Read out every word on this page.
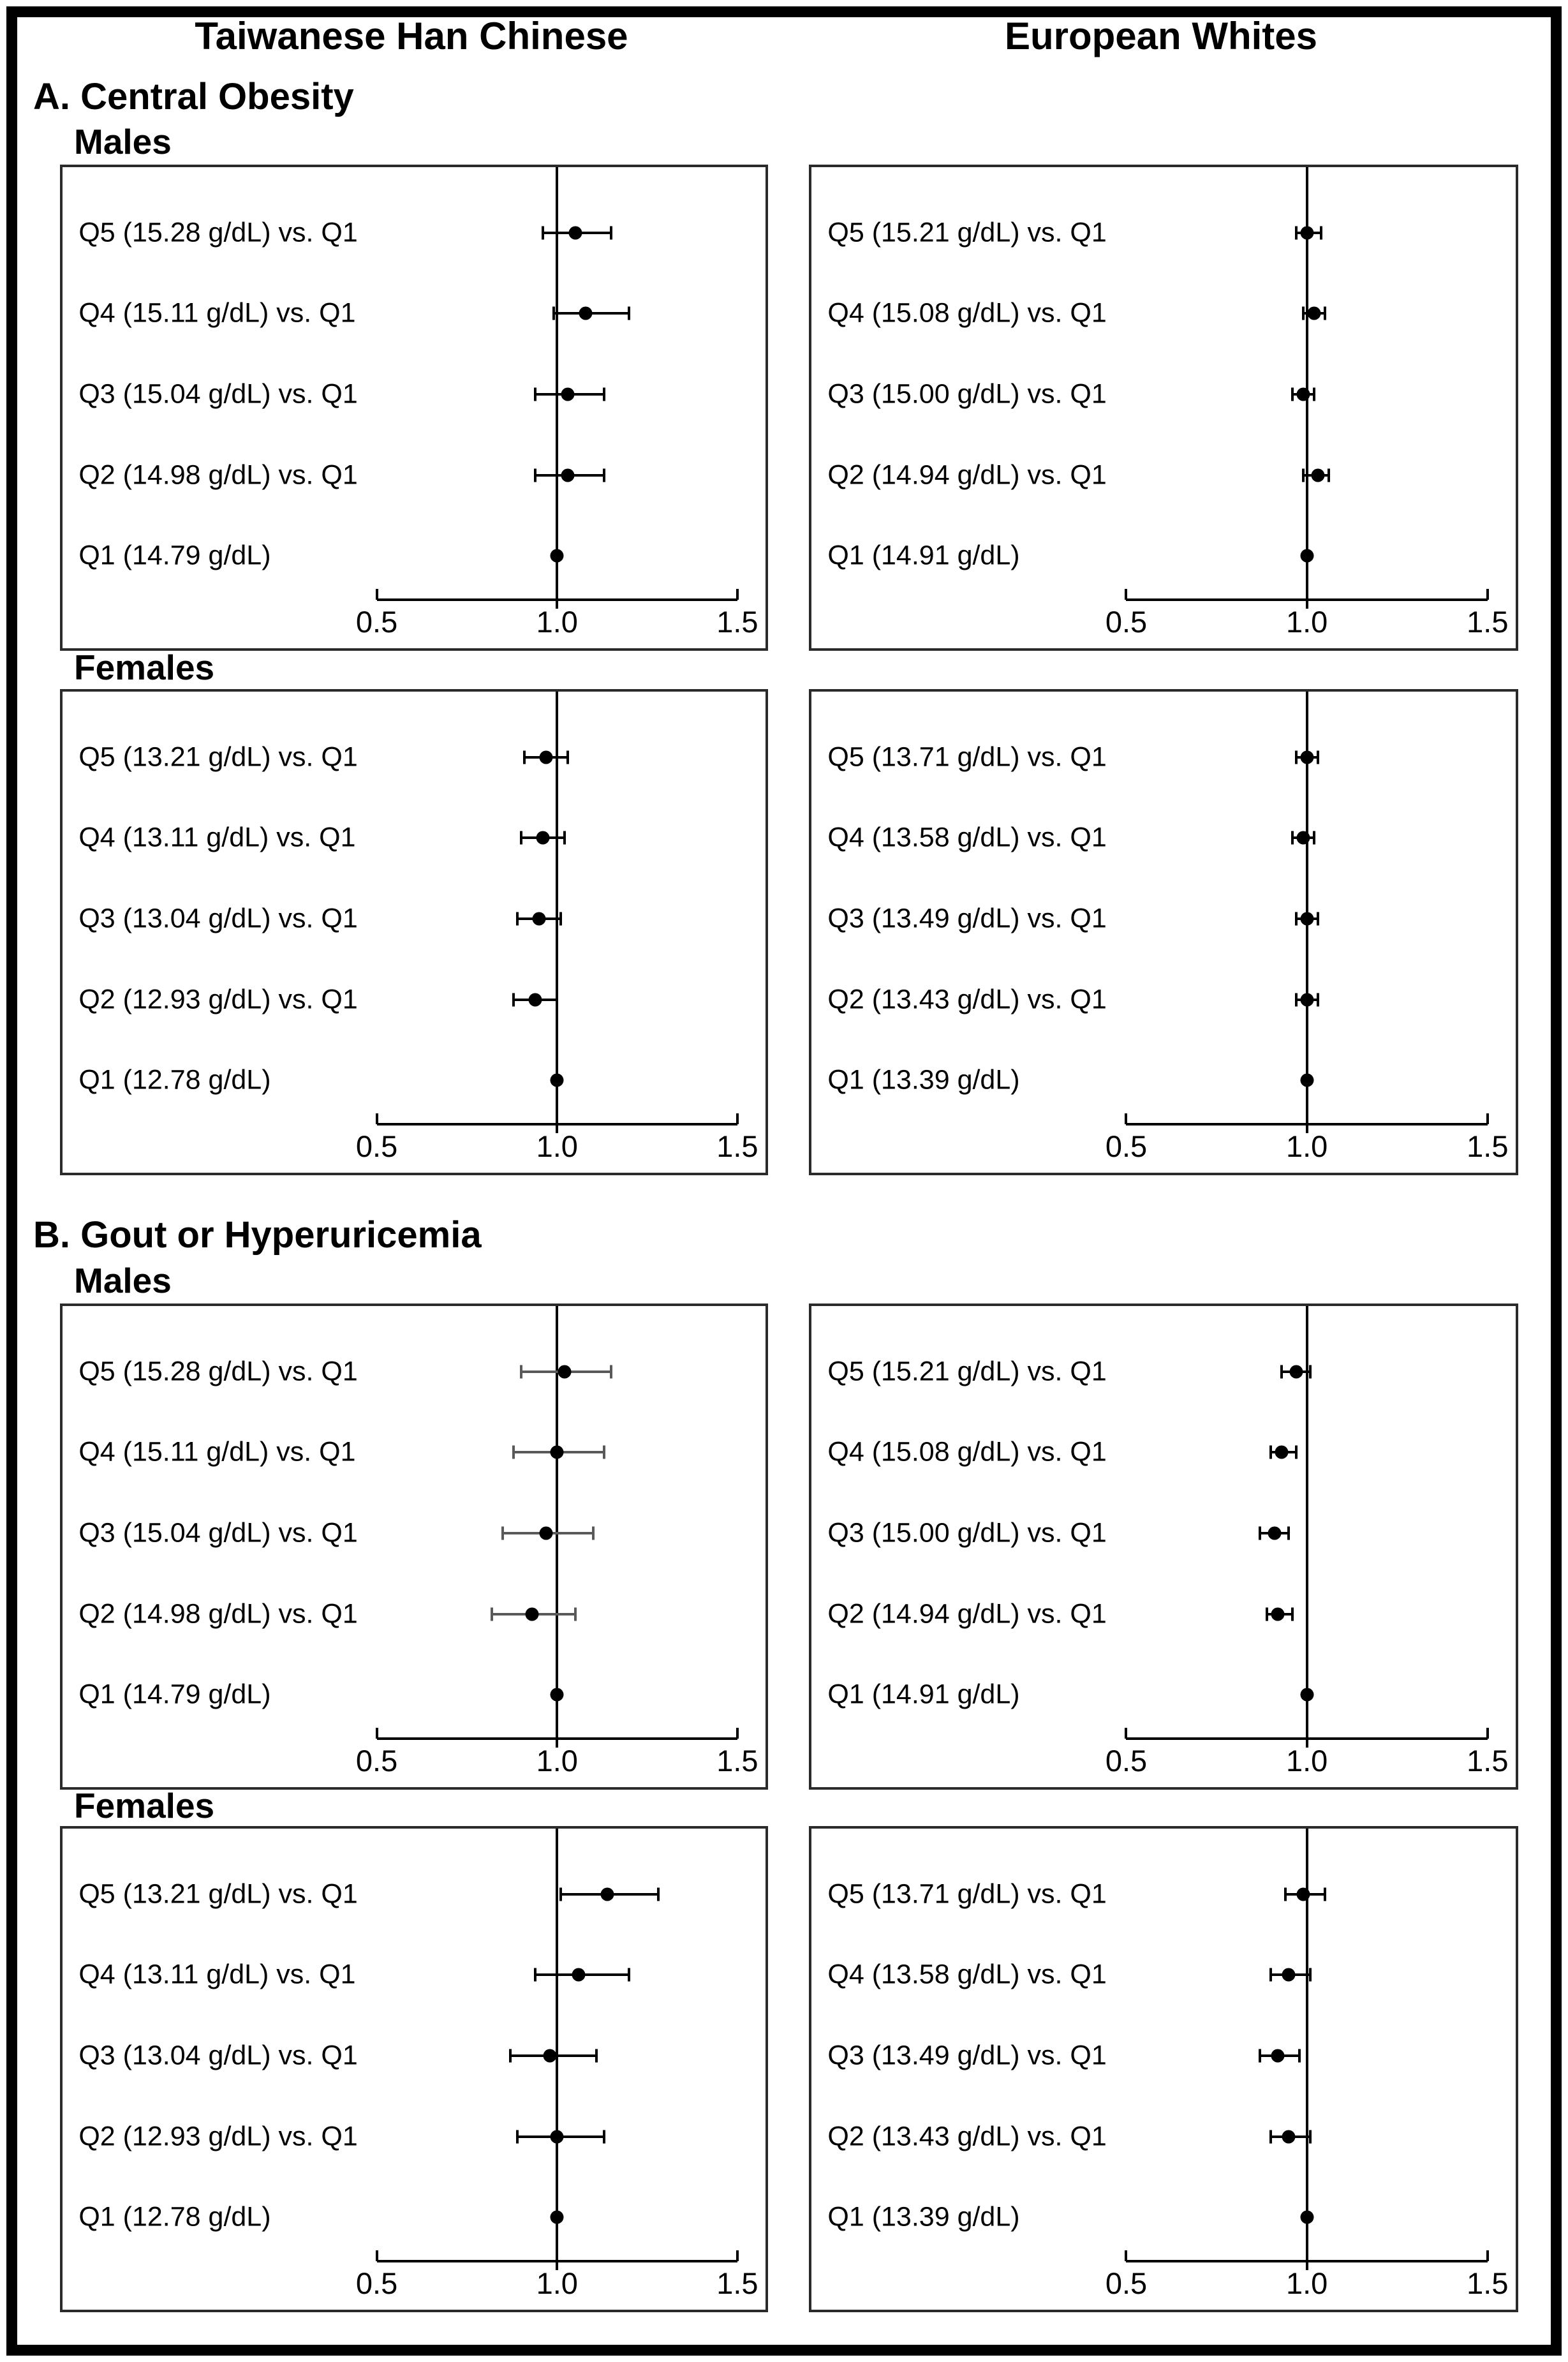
Taiwanese Han Chinese	European Whites
A. Central Obesity
Males
0.5	1.0	1.5
Q5 (15.28 g/dL) vs. Q1
Q4 (15.11 g/dL) vs. Q1
Q3 (15.04 g/dL) vs. Q1
Q2 (14.98 g/dL) vs. Q1
Q1 (14.79 g/dL)
0.5	1.0	1.5
Q5 (15.21 g/dL) vs. Q1
Q4 (15.08 g/dL) vs. Q1
Q3 (15.00 g/dL) vs. Q1
Q2 (14.94 g/dL) vs. Q1
Q1 (14.91 g/dL)
Females
0.5	1.0	1.5
Q5 (13.21 g/dL) vs. Q1
Q4 (13.11 g/dL) vs. Q1
Q3 (13.04 g/dL) vs. Q1
Q2 (12.93 g/dL) vs. Q1
Q1 (12.78 g/dL)
0.5	1.0	1.5
Q5 (13.71 g/dL) vs. Q1
Q4 (13.58 g/dL) vs. Q1
Q3 (13.49 g/dL) vs. Q1
Q2 (13.43 g/dL) vs. Q1
Q1 (13.39 g/dL)
B. Gout or Hyperuricemia
Males
0.5	1.0	1.5
Q5 (15.28 g/dL) vs. Q1
Q4 (15.11 g/dL) vs. Q1
Q3 (15.04 g/dL) vs. Q1
Q2 (14.98 g/dL) vs. Q1
Q1 (14.79 g/dL)
0.5	1.0	1.5
Q5 (15.21 g/dL) vs. Q1
Q4 (15.08 g/dL) vs. Q1
Q3 (15.00 g/dL) vs. Q1
Q2 (14.94 g/dL) vs. Q1
Q1 (14.91 g/dL)
Females
0.5	1.0	1.5
Q5 (13.21 g/dL) vs. Q1
Q4 (13.11 g/dL) vs. Q1
Q3 (13.04 g/dL) vs. Q1
Q2 (12.93 g/dL) vs. Q1
Q1 (12.78 g/dL)
0.5	1.0	1.5
Q5 (13.71 g/dL) vs. Q1
Q4 (13.58 g/dL) vs. Q1
Q3 (13.49 g/dL) vs. Q1
Q2 (13.43 g/dL) vs. Q1
Q1 (13.39 g/dL)
